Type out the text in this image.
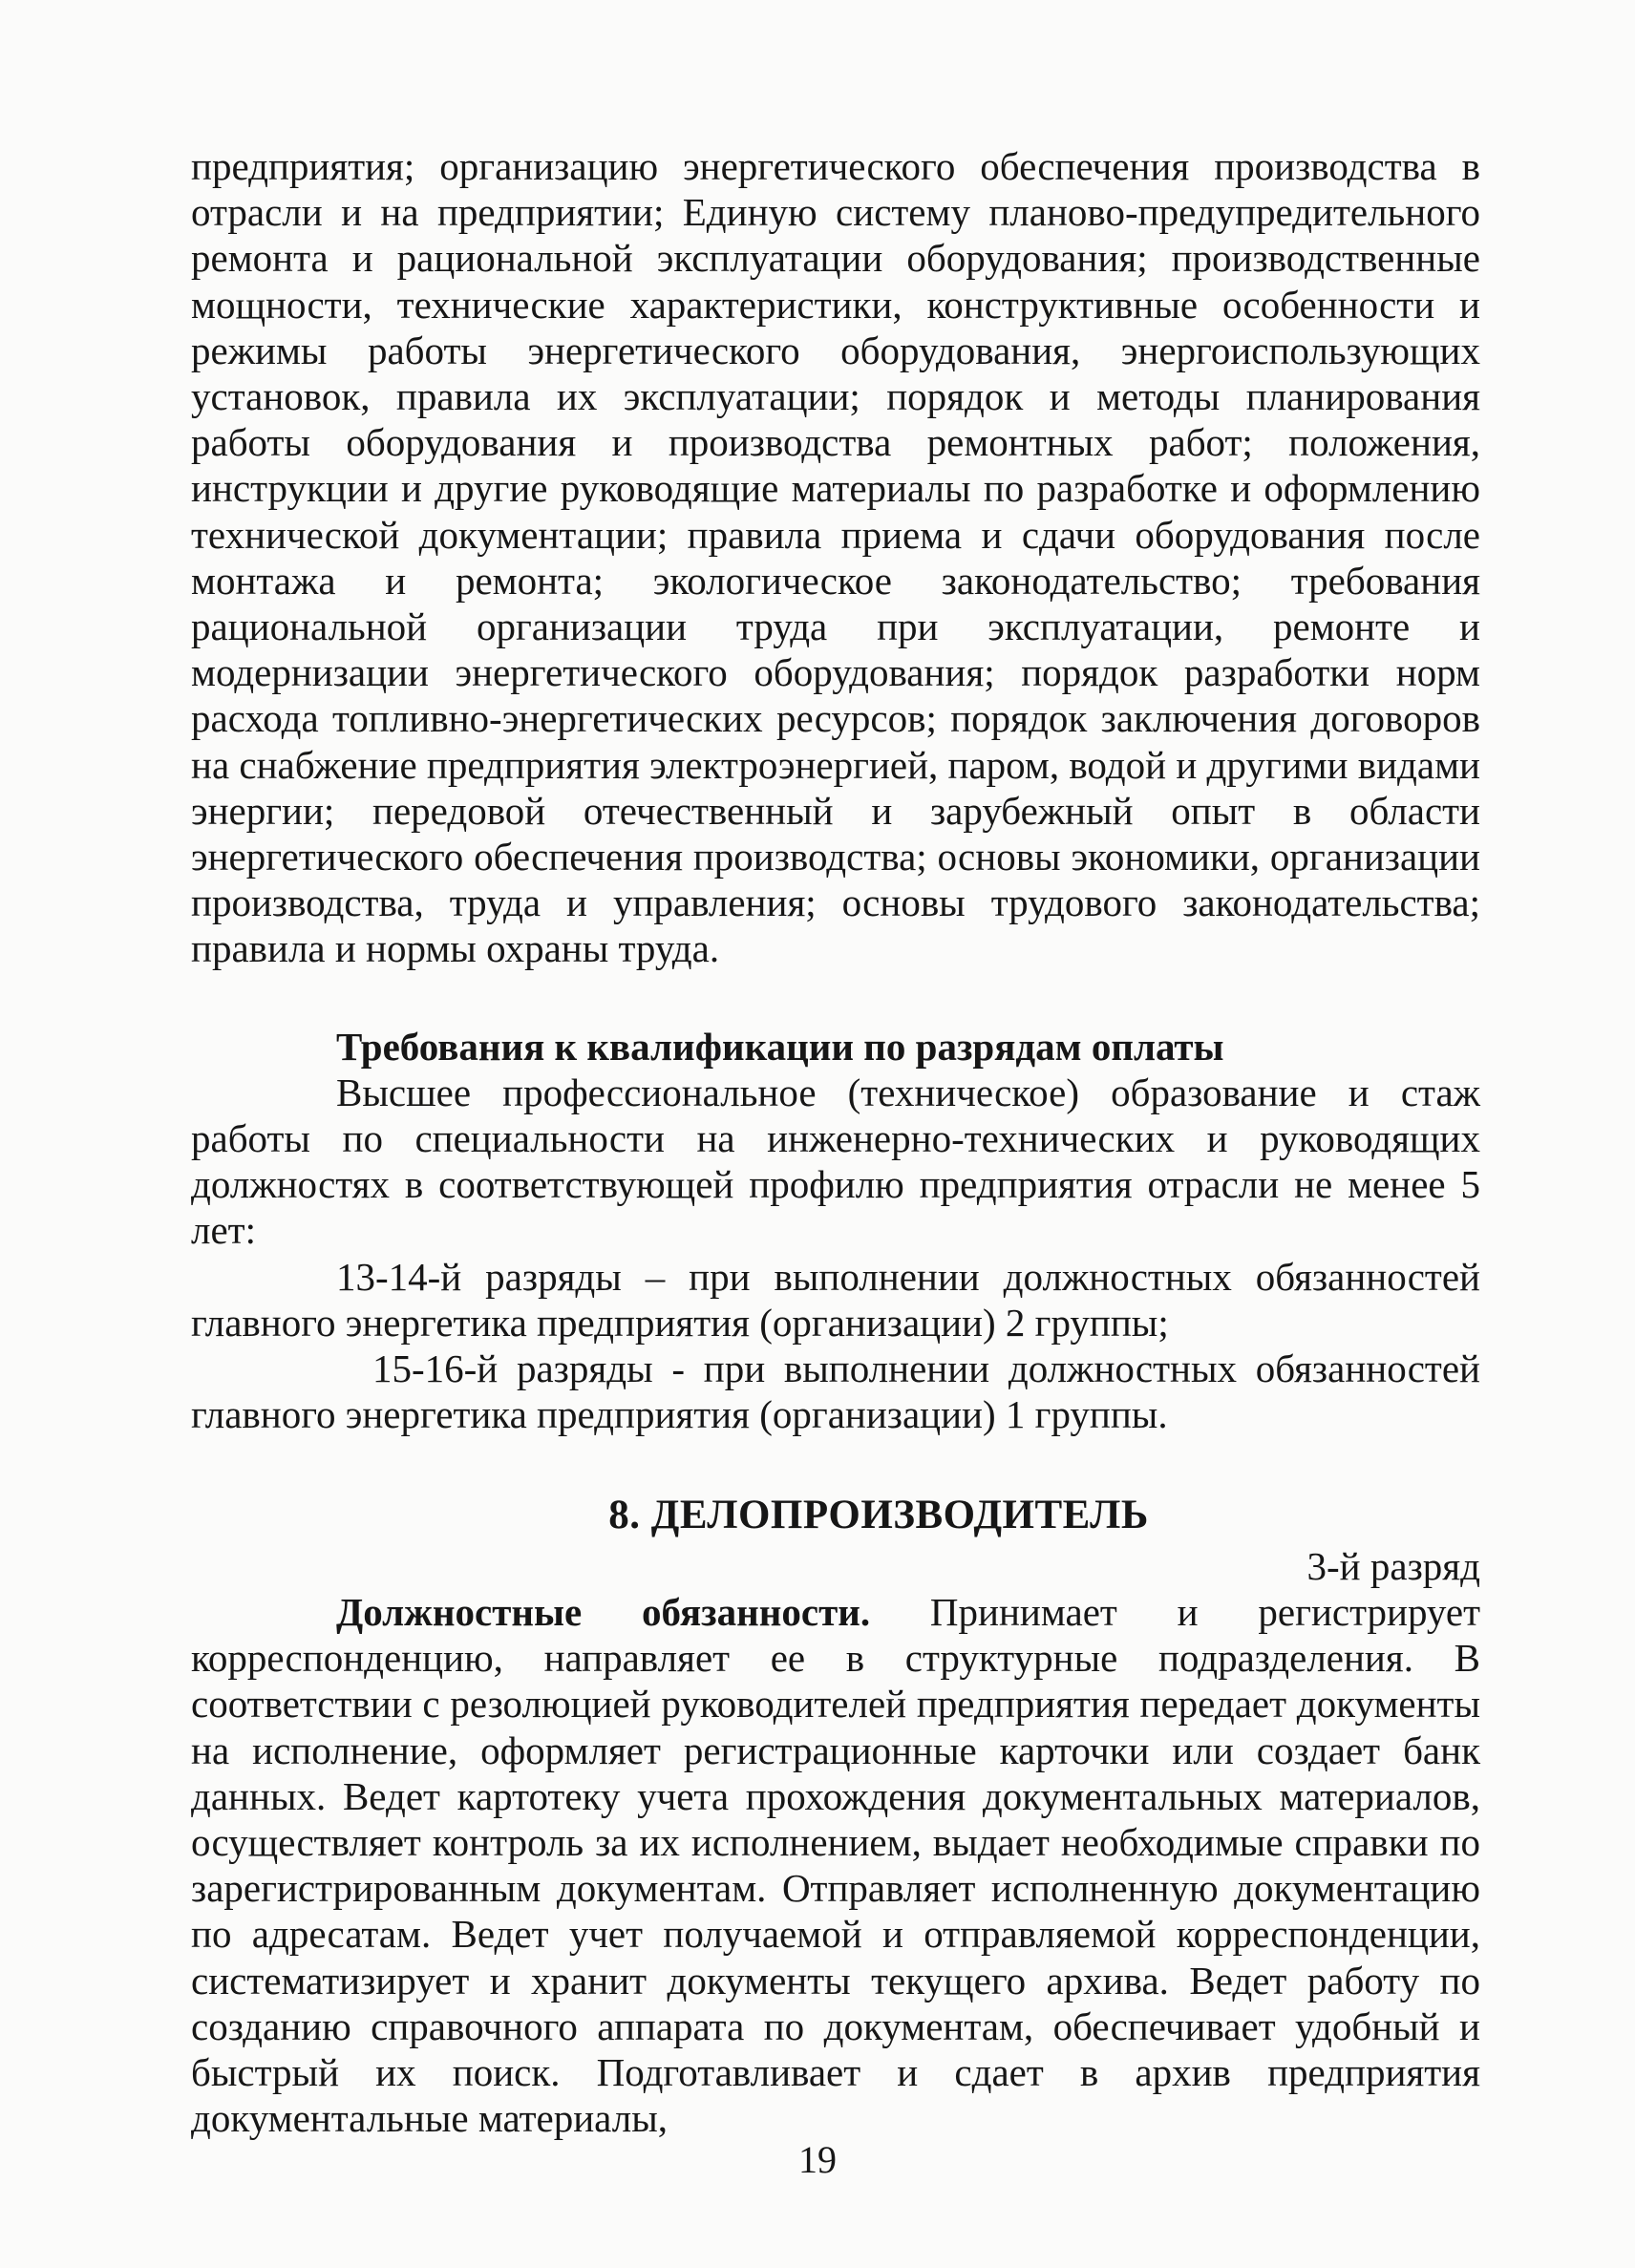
предприятия; организацию энергетического обеспечения производства в отрасли и на предприятии; Единую систему планово-предупредительного ремонта и рациональной эксплуатации оборудования; производственные мощности, технические характеристики, конструктивные особенности и режимы работы энергетического оборудования, энергоиспользующих установок, правила их эксплуатации; порядок и методы планирования работы оборудования и производства ремонтных работ; положения, инструкции и другие руководящие материалы по разработке и оформлению технической документации; правила приема и сдачи оборудования после монтажа и ремонта; экологическое законодательство; требования рациональной организации труда при эксплуатации, ремонте и модернизации энергетического оборудования; порядок разработки норм расхода топливно-энергетических ресурсов; порядок заключения договоров на снабжение предприятия электроэнергией, паром, водой и другими видами энергии; передовой отечественный и зарубежный опыт в области энергетического обеспечения производства; основы экономики, организации производства, труда и управления; основы трудового законодательства; правила и нормы охраны труда.

Требования к квалификации по разрядам оплаты

Высшее профессиональное (техническое) образование и стаж работы по специальности на инженерно-технических и руководящих должностях в соответствующей профилю предприятия отрасли не менее 5 лет:

13-14-й разряды – при выполнении должностных обязанностей главного энергетика предприятия (организации) 2 группы;

15-16-й разряды - при выполнении должностных обязанностей главного энергетика предприятия (организации) 1 группы.

8. ДЕЛОПРОИЗВОДИТЕЛЬ

3-й разряд

Должностные обязанности. Принимает и регистрирует корреспонденцию, направляет ее в структурные подразделения. В соответствии с резолюцией руководителей предприятия передает документы на исполнение, оформляет регистрационные карточки или создает банк данных. Ведет картотеку учета прохождения документальных материалов, осуществляет контроль за их исполнением, выдает необходимые справки по зарегистрированным документам. Отправляет исполненную документацию по адресатам. Ведет учет получаемой и отправляемой корреспонденции, систематизирует и хранит документы текущего архива. Ведет работу по созданию справочного аппарата по документам, обеспечивает удобный и быстрый их поиск. Подготавливает и сдает в архив предприятия документальные материалы,

19
